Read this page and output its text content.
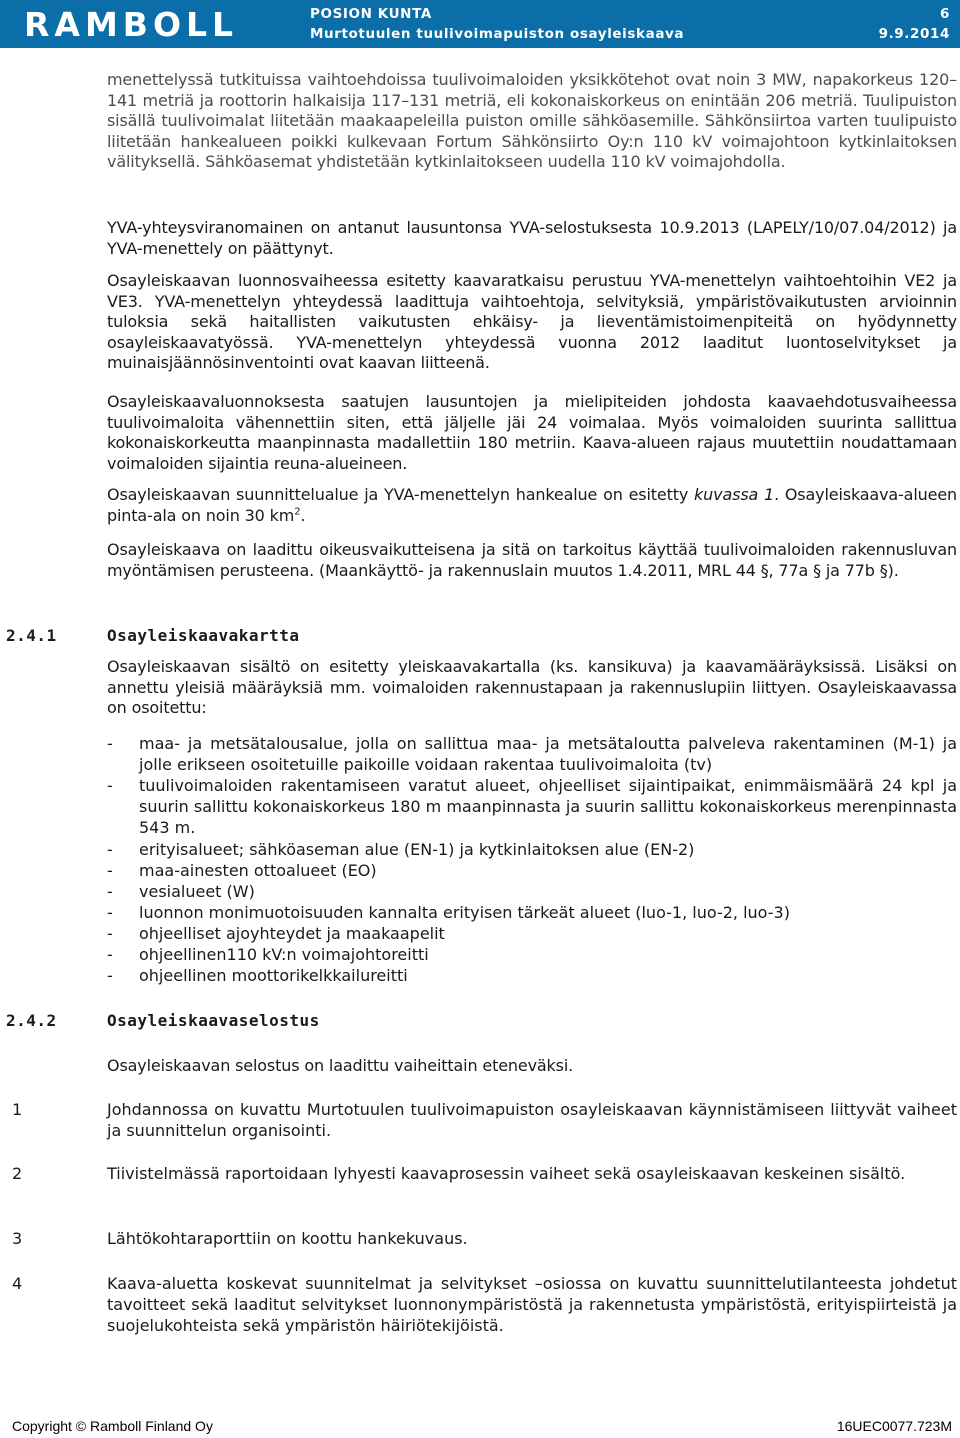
RAMBOLL	POSION KUNTA	6
Murtotuulen tuulivoimapuiston osayleiskaava	9.9.2014
menettelyssä tutkituissa vaihtoehdoissa tuulivoimaloiden yksikkötehot ovat noin 3 MW, napakorkeus 120–141 metriä ja roottorin halkaisija 117–131 metriä, eli kokonaiskorkeus on enintään 206 metriä. Tuulipuiston sisällä tuulivoimalat liitetään maakaapeleilla puiston omille sähköasemille. Sähkönsiirtoa varten tuulipuisto liitetään hankealueen poikki kulkevaan Fortum Sähkönsiirto Oy:n 110 kV voimajohtoon kytkinlaitoksen välityksellä. Sähköasemat yhdistetään kytkinlaitokseen uudella 110 kV voimajohdolla.
YVA-yhteysviranomainen on antanut lausuntonsa YVA-selostuksesta 10.9.2013 (LAPELY/10/07.04/2012) ja YVA-menettely on päättynyt.
Osayleiskaavan luonnosvaiheessa esitetty kaavaratkaisu perustuu YVA-menettelyn vaihtoehtoihin VE2 ja VE3. YVA-menettelyn yhteydessä laadittuja vaihtoehtoja, selvityksiä, ympäristövaikutusten arvioinnin tuloksia sekä haitallisten vaikutusten ehkäisy- ja lieventämistoimenpiteitä on hyödynnetty osayleiskaavatyössä. YVA-menettelyn yhteydessä vuonna 2012 laaditut luontoselvitykset ja muinaisjäännösinventointi ovat kaavan liitteenä.
Osayleiskaavaluonnoksesta saatujen lausuntojen ja mielipiteiden johdosta kaavaehdotusvaiheessa tuulivoimaloita vähennettiin siten, että jäljelle jäi 24 voimalaa. Myös voimaloiden suurinta sallittua kokonaiskorkeutta maanpinnasta madallettiin 180 metriin. Kaava-alueen rajaus muutettiin noudattamaan voimaloiden sijaintia reuna-alueineen.
Osayleiskaavan suunnittelualue ja YVA-menettelyn hankealue on esitetty kuvassa 1. Osayleiskaava-alueen pinta-ala on noin 30 $km^2$.
Osayleiskaava on laadittu oikeusvaikutteisena ja sitä on tarkoitus käyttää tuulivoimaloiden rakennusluvan myöntämisen perusteena. (Maankäyttö- ja rakennuslain muutos 1.4.2011, MRL 44 §, 77a § ja 77b §).
2.4.1	Osayleiskaavakartta
Osayleiskaavan sisältö on esitetty yleiskaavakartalla (ks. kansikuva) ja kaavamääräyksissä. Lisäksi on annettu yleisiä määräyksiä mm. voimaloiden rakennustapaan ja rakennuslupiin liittyen. Osayleiskaavassa on osoitettu:
- maa- ja metsätalousalue, jolla on sallittua maa- ja metsätaloutta palveleva rakentaminen (M-1) ja jolle erikseen osoitetuille paikoille voidaan rakentaa tuulivoimaloita (tv)
- tuulivoimaloiden rakentamiseen varatut alueet, ohjeelliset sijaintipaikat, enimmäismäärä 24 kpl ja suurin sallittu kokonaiskorkeus 180 m maanpinnasta ja suurin sallittu kokonaiskorkeus merenpinnasta 543 m.
- erityisalueet; sähköaseman alue (EN-1) ja kytkinlaitoksen alue (EN-2)
- maa-ainesten ottoalueet (EO)
- vesialueet (W)
- luonnon monimuotoisuuden kannalta erityisen tärkeät alueet (luo-1, luo-2, luo-3)
- ohjeelliset ajoyhteydet ja maakaapelit
- ohjeellinen110 kV:n voimajohtoreitti
- ohjeellinen moottorikelkkailureitti
2.4.2	Osayleiskaavaselostus
Osayleiskaavan selostus on laadittu vaiheittain eteneväksi.
1	Johdannossa on kuvattu Murtotuulen tuulivoimapuiston osayleiskaavan käynnistämiseen liittyvät vaiheet ja suunnittelun organisointi.
2	Tiivistelmässä raportoidaan lyhyesti kaavaprosessin vaiheet sekä osayleiskaavan keskeinen sisältö.
3	Lähtökohtaraporttiin on koottu hankekuvaus.
4	Kaava-aluetta koskevat suunnitelmat ja selvitykset –osiossa on kuvattu suunnittelutilanteesta johdetut tavoitteet sekä laaditut selvitykset luonnonympäristöstä ja rakennetusta ympäristöstä, erityispiirteistä ja suojelukohteista sekä ympäristön häiriötekijöistä.
Copyright © Ramboll Finland Oy	16UEC0077.723M
